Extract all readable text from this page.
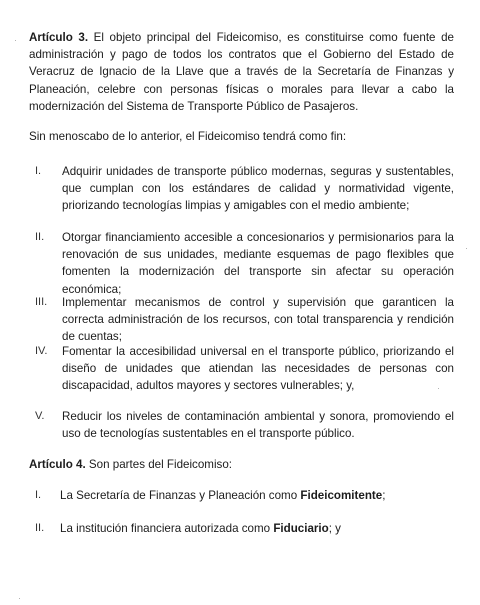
Artículo 3. El objeto principal del Fideicomiso, es constituirse como fuente de administración y pago de todos los contratos que el Gobierno del Estado de Veracruz de Ignacio de la Llave que a través de la Secretaría de Finanzas y Planeación, celebre con personas físicas o morales para llevar a cabo la modernización del Sistema de Transporte Público de Pasajeros.

Sin menoscabo de lo anterior, el Fideicomiso tendrá como fin:

I.	Adquirir unidades de transporte público modernas, seguras y sustentables, que cumplan con los estándares de calidad y normatividad vigente, priorizando tecnologías limpias y amigables con el medio ambiente;
II.	Otorgar financiamiento accesible a concesionarios y permisionarios para la renovación de sus unidades, mediante esquemas de pago flexibles que fomenten la modernización del transporte sin afectar su operación económica;
III.	Implementar mecanismos de control y supervisión que garanticen la correcta administración de los recursos, con total transparencia y rendición de cuentas;
IV.	Fomentar la accesibilidad universal en el transporte público, priorizando el diseño de unidades que atiendan las necesidades de personas con discapacidad, adultos mayores y sectores vulnerables; y,
V.	Reducir los niveles de contaminación ambiental y sonora, promoviendo el uso de tecnologías sustentables en el transporte público.

Artículo 4. Son partes del Fideicomiso:

I.	La Secretaría de Finanzas y Planeación como Fideicomitente;
II.	La institución financiera autorizada como Fiduciario; y
